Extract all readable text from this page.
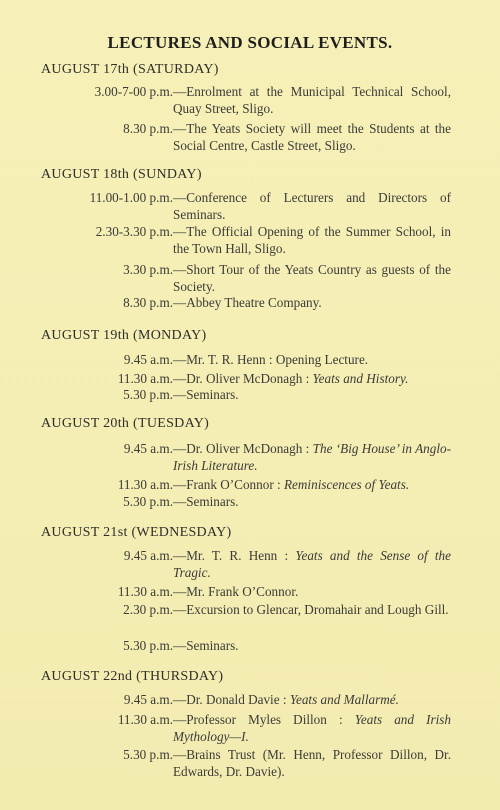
LECTURES AND SOCIAL EVENTS.
AUGUST 17th (SATURDAY)
3.00-7-00 p.m. —Enrolment at the Municipal Technical School, Quay Street, Sligo.
8.30 p.m. —The Yeats Society will meet the Students at the Social Centre, Castle Street, Sligo.
AUGUST 18th (SUNDAY)
11.00-1.00 p.m. —Conference of Lecturers and Directors of Seminars.
2.30-3.30 p.m. —The Official Opening of the Summer School, in the Town Hall, Sligo.
3.30 p.m. —Short Tour of the Yeats Country as guests of the Society.
8.30 p.m. —Abbey Theatre Company.
AUGUST 19th (MONDAY)
9.45 a.m. —Mr. T. R. Henn : Opening Lecture.
11.30 a.m. —Dr. Oliver McDonagh : Yeats and History.
5.30 p.m. —Seminars.
AUGUST 20th (TUESDAY)
9.45 a.m. —Dr. Oliver McDonagh : The ‘Big House’ in Anglo-Irish Literature.
11.30 a.m. —Frank O’Connor : Reminiscences of Yeats.
5.30 p.m. —Seminars.
AUGUST 21st (WEDNESDAY)
9.45 a.m. —Mr. T. R. Henn : Yeats and the Sense of the Tragic.
11.30 a.m. —Mr. Frank O’Connor.
2.30 p.m. —Excursion to Glencar, Dromahair and Lough Gill.
5.30 p.m. —Seminars.
AUGUST 22nd (THURSDAY)
9.45 a.m. —Dr. Donald Davie : Yeats and Mallarmé.
11.30 a.m. —Professor Myles Dillon : Yeats and Irish Mythology—I.
5.30 p.m. —Brains Trust (Mr. Henn, Professor Dillon, Dr. Edwards, Dr. Davie).
